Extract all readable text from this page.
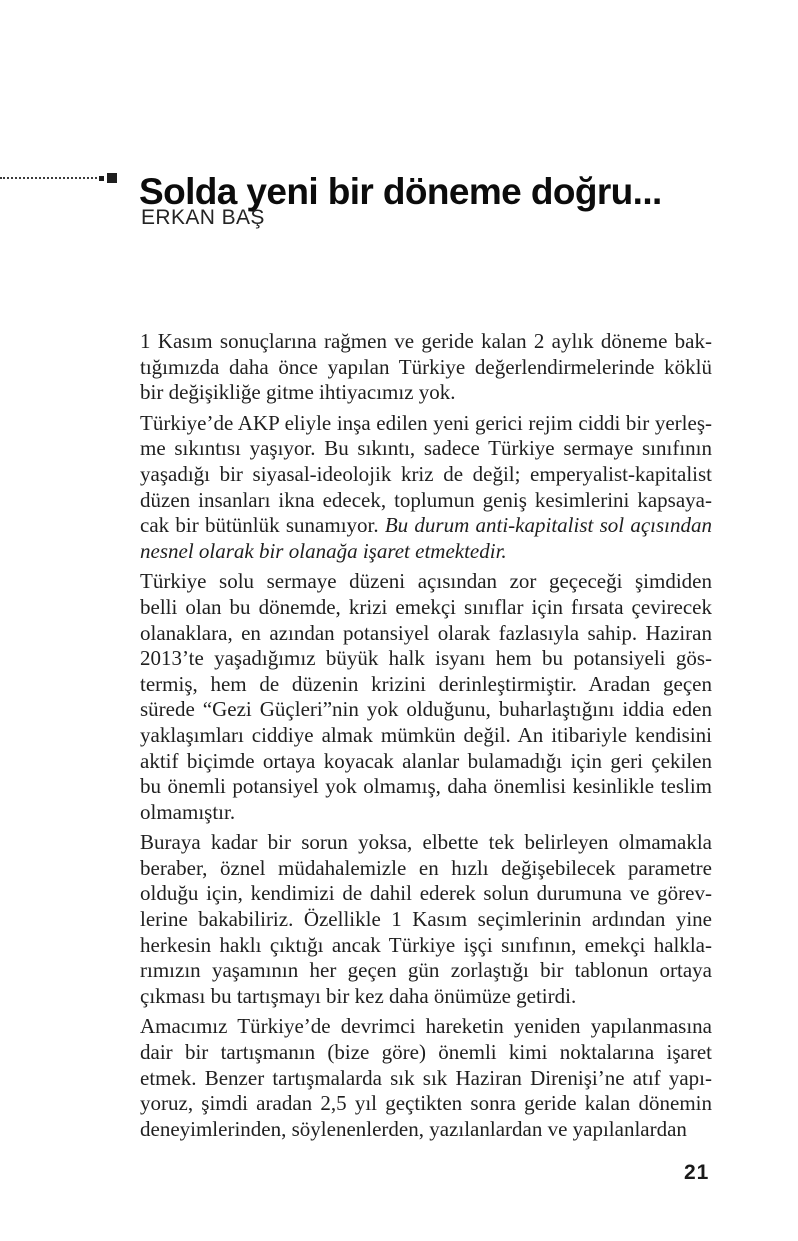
Solda yeni bir döneme doğru...
ERKAN BAŞ

1 Kasım sonuçlarına rağmen ve geride kalan 2 aylık döneme bak-
tığımızda daha önce yapılan Türkiye değerlendirmelerinde köklü
bir değişikliğe gitme ihtiyacımız yok.

Türkiye’de AKP eliyle inşa edilen yeni gerici rejim ciddi bir yerleş-
me sıkıntısı yaşıyor. Bu sıkıntı, sadece Türkiye sermaye sınıfının
yaşadığı bir siyasal-ideolojik kriz de değil; emperyalist-kapitalist
düzen insanları ikna edecek, toplumun geniş kesimlerini kapsaya-
cak bir bütünlük sunamıyor. Bu durum anti-kapitalist sol açısından
nesnel olarak bir olanağa işaret etmektedir.

Türkiye solu sermaye düzeni açısından zor geçeceği şimdiden
belli olan bu dönemde, krizi emekçi sınıflar için fırsata çevirecek
olanaklara, en azından potansiyel olarak fazlasıyla sahip. Haziran
2013’te yaşadığımız büyük halk isyanı hem bu potansiyeli gös-
termiş, hem de düzenin krizini derinleştirmiştir. Aradan geçen
sürede “Gezi Güçleri”nin yok olduğunu, buharlaştığını iddia eden
yaklaşımları ciddiye almak mümkün değil. An itibariyle kendisini
aktif biçimde ortaya koyacak alanlar bulamadığı için geri çekilen
bu önemli potansiyel yok olmamış, daha önemlisi kesinlikle teslim
olmamıştır.

Buraya kadar bir sorun yoksa, elbette tek belirleyen olmamakla
beraber, öznel müdahalemizle en hızlı değişebilecek parametre
olduğu için, kendimizi de dahil ederek solun durumuna ve görev-
lerine bakabiliriz. Özellikle 1 Kasım seçimlerinin ardından yine
herkesin haklı çıktığı ancak Türkiye işçi sınıfının, emekçi halkla-
rımızın yaşamının her geçen gün zorlaştığı bir tablonun ortaya
çıkması bu tartışmayı bir kez daha önümüze getirdi.

Amacımız Türkiye’de devrimci hareketin yeniden yapılanmasına
dair bir tartışmanın (bize göre) önemli kimi noktalarına işaret
etmek. Benzer tartışmalarda sık sık Haziran Direnişi’ne atıf yapı-
yoruz, şimdi aradan 2,5 yıl geçtikten sonra geride kalan dönemin
deneyimlerinden, söylenenlerden, yazılanlardan ve yapılanlardan

21
